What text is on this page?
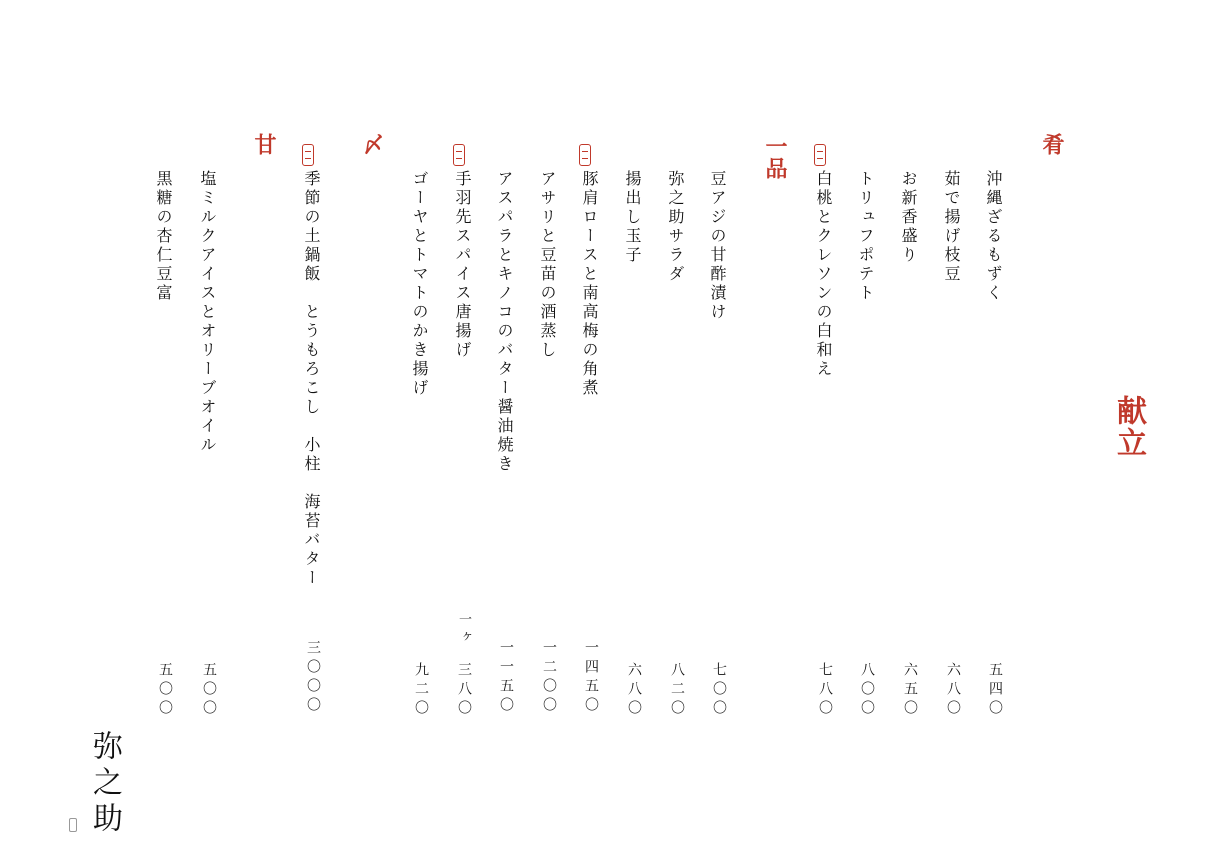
献立
肴
一品
〆
甘
沖縄ざるもずく
五四〇
茹で揚げ枝豆
六八〇
お新香盛り
六五〇
トリュフポテト
八〇〇
白桃とクレソンの白和え
七八〇
豆アジの甘酢漬け
七〇〇
弥之助サラダ
八二〇
揚出し玉子
六八〇
豚肩ロースと南高梅の角煮
一四五〇
アサリと豆苗の酒蒸し
一二〇〇
アスパラとキノコのバター醤油焼き
一一五〇
手羽先スパイス唐揚げ
一ヶ
三八〇
ゴーヤとトマトのかき揚げ
九二〇
季節の土鍋飯　とうもろこし　小柱　海苔バター
三〇〇〇
塩ミルクアイスとオリーブオイル
五〇〇
黒糖の杏仁豆富
五〇〇
弥之助
